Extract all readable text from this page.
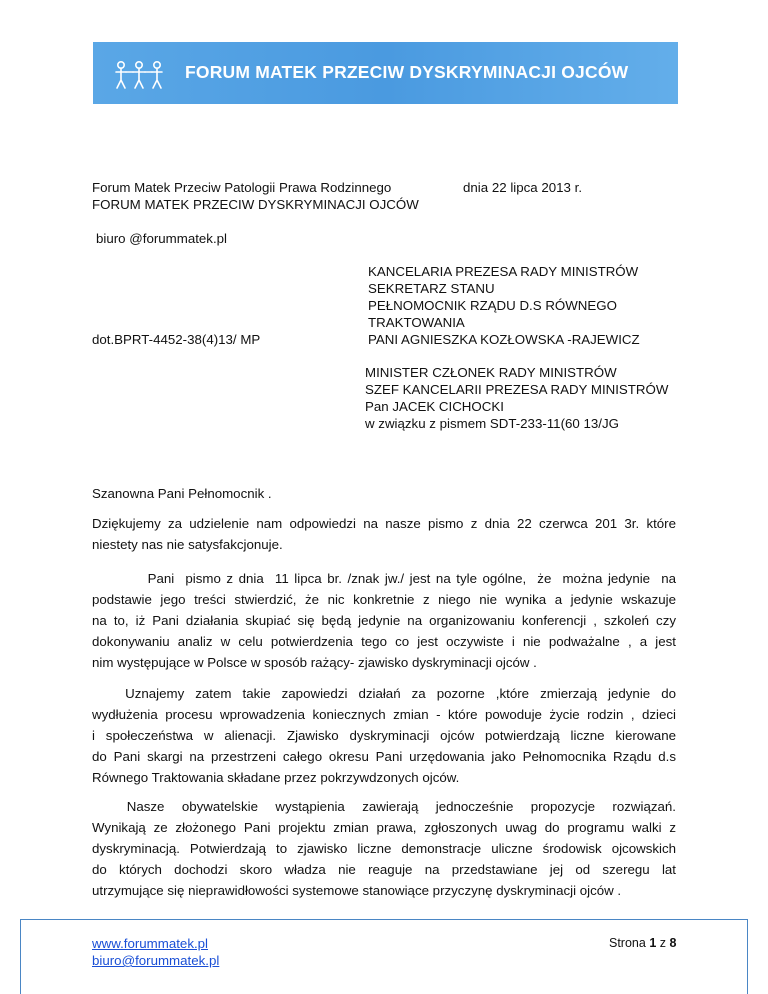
FORUM MATEK PRZECIW DYSKRYMINACJI OJCÓW
Forum Matek Przeciw Patologii Prawa Rodzinnego
FORUM MATEK PRZECIW DYSKRYMINACJI OJCÓW
dnia 22 lipca 2013 r.
biuro @forummatek.pl
dot.BPRT-4452-38(4)13/ MP
KANCELARIA PREZESA RADY MINISTRÓW
SEKRETARZ STANU
PEŁNOMOCNIK RZĄDU D.S RÓWNEGO
TRAKTOWANIA
PANI AGNIESZKA KOZŁOWSKA -RAJEWICZ
MINISTER CZŁONEK RADY MINISTRÓW
SZEF KANCELARII PREZESA RADY MINISTRÓW
Pan JACEK CICHOCKI
w związku z pismem SDT-233-11(60 13/JG
Szanowna Pani Pełnomocnik .
Dziękujemy za udzielenie nam odpowiedzi na nasze pismo z dnia 22 czerwca 201 3r. które
niestety nas nie satysfakcjonuje.
Pani  pismo z dnia  11 lipca br. /znak jw./ jest na tyle ogólne,  że  można jedynie  na
podstawie jego treści stwierdzić, że nic konkretnie z niego nie wynika a jedynie wskazuje
na to, iż Pani działania skupiać się będą jedynie na organizowaniu konferencji , szkoleń czy
dokonywaniu analiz w celu potwierdzenia tego co jest oczywiste i nie podważalne , a jest
nim występujące w Polsce w sposób rażący- zjawisko dyskryminacji ojców .
Uznajemy zatem takie zapowiedzi działań za pozorne ,które zmierzają jedynie do
wydłużenia procesu wprowadzenia koniecznych zmian - które powoduje życie rodzin , dzieci
i społeczeństwa w alienacji. Zjawisko dyskryminacji ojców potwierdzają liczne kierowane
do Pani skargi na przestrzeni całego okresu Pani urzędowania jako Pełnomocnika Rządu d.s
Równego Traktowania składane przez pokrzywdzonych ojców.
Nasze  obywatelskie  wystąpienia  zawierają  jednocześnie  propozycje  rozwiązań.
Wynikają ze złożonego Pani projektu zmian prawa, zgłoszonych uwag do programu walki z
dyskryminacją. Potwierdzają to zjawisko liczne demonstracje uliczne środowisk ojcowskich
do których dochodzi skoro władza nie reaguje na przedstawiane jej od szeregu lat
utrzymujące się nieprawidłowości systemowe stanowiące przyczynę dyskryminacji ojców .
www.forummatek.pl
biuro@forummatek.pl
Strona 1 z 8
